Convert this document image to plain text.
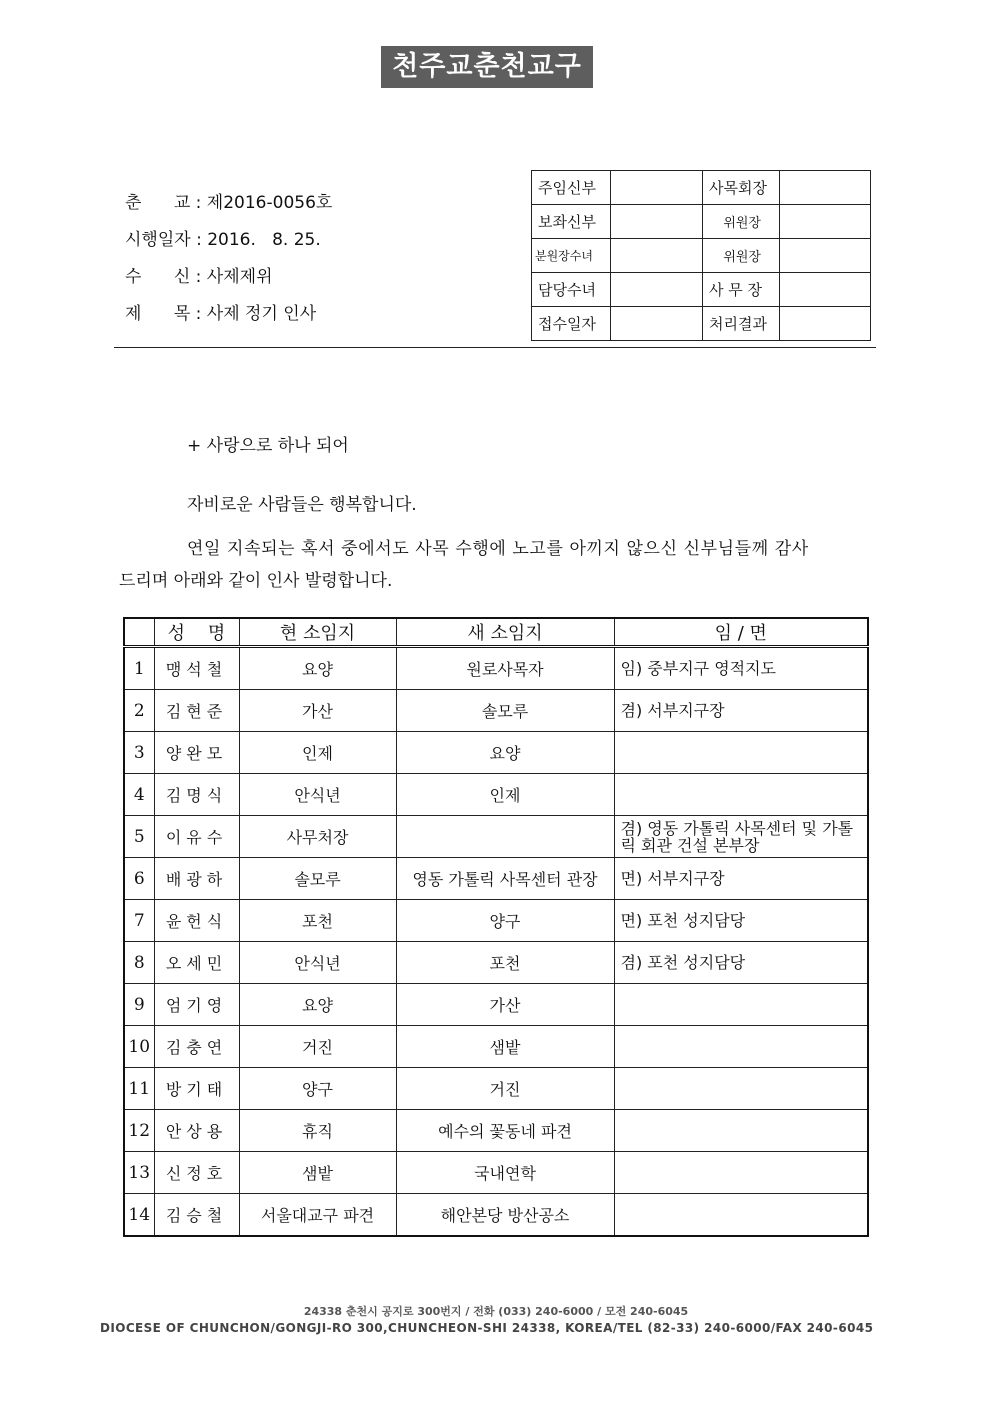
천주교춘천교구
춘      교 : 제2016-0056호
시행일자 : 2016.   8. 25.
수      신 : 사제제위
제      목 : 사제 정기 인사
주임신부		사목회장	
보좌신부		위원장	
분원장수녀		위원장	
담당수녀		사 무 장	
접수일자		처리결과	
+ 사랑으로 하나 되어
자비로운 사람들은 행복합니다.
연일 지속되는 혹서 중에서도 사목 수행에 노고를 아끼지 않으신 신부님들께 감사
드리며 아래와 같이 인사 발령합니다.
	성    명	현 소임지	새 소임지	임 / 면
1	맹석철	요양	원로사목자	임) 중부지구 영적지도
2	김현준	가산	솔모루	겸) 서부지구장
3	양완모	인제	요양	
4	김명식	안식년	인제	
5	이유수	사무처장		겸) 영동 가톨릭 사목센터 및 가톨릭 회관 건설 본부장
6	배광하	솔모루	영동 가톨릭 사목센터 관장	면) 서부지구장
7	윤헌식	포천	양구	면) 포천 성지담당
8	오세민	안식년	포천	겸) 포천 성지담당
9	엄기영	요양	가산	
10	김충연	거진	샘밭	
11	방기태	양구	거진	
12	안상용	휴직	예수의 꽃동네 파견	
13	신정호	샘밭	국내연학	
14	김승철	서울대교구 파견	해안본당 방산공소	
24338 춘천시 공지로 300번지 / 전화 (033) 240-6000 / 모전 240-6045
DIOCESE OF CHUNCHON/GONGJI-RO 300,CHUNCHEON-SHI 24338, KOREA/TEL (82-33) 240-6000/FAX 240-6045
